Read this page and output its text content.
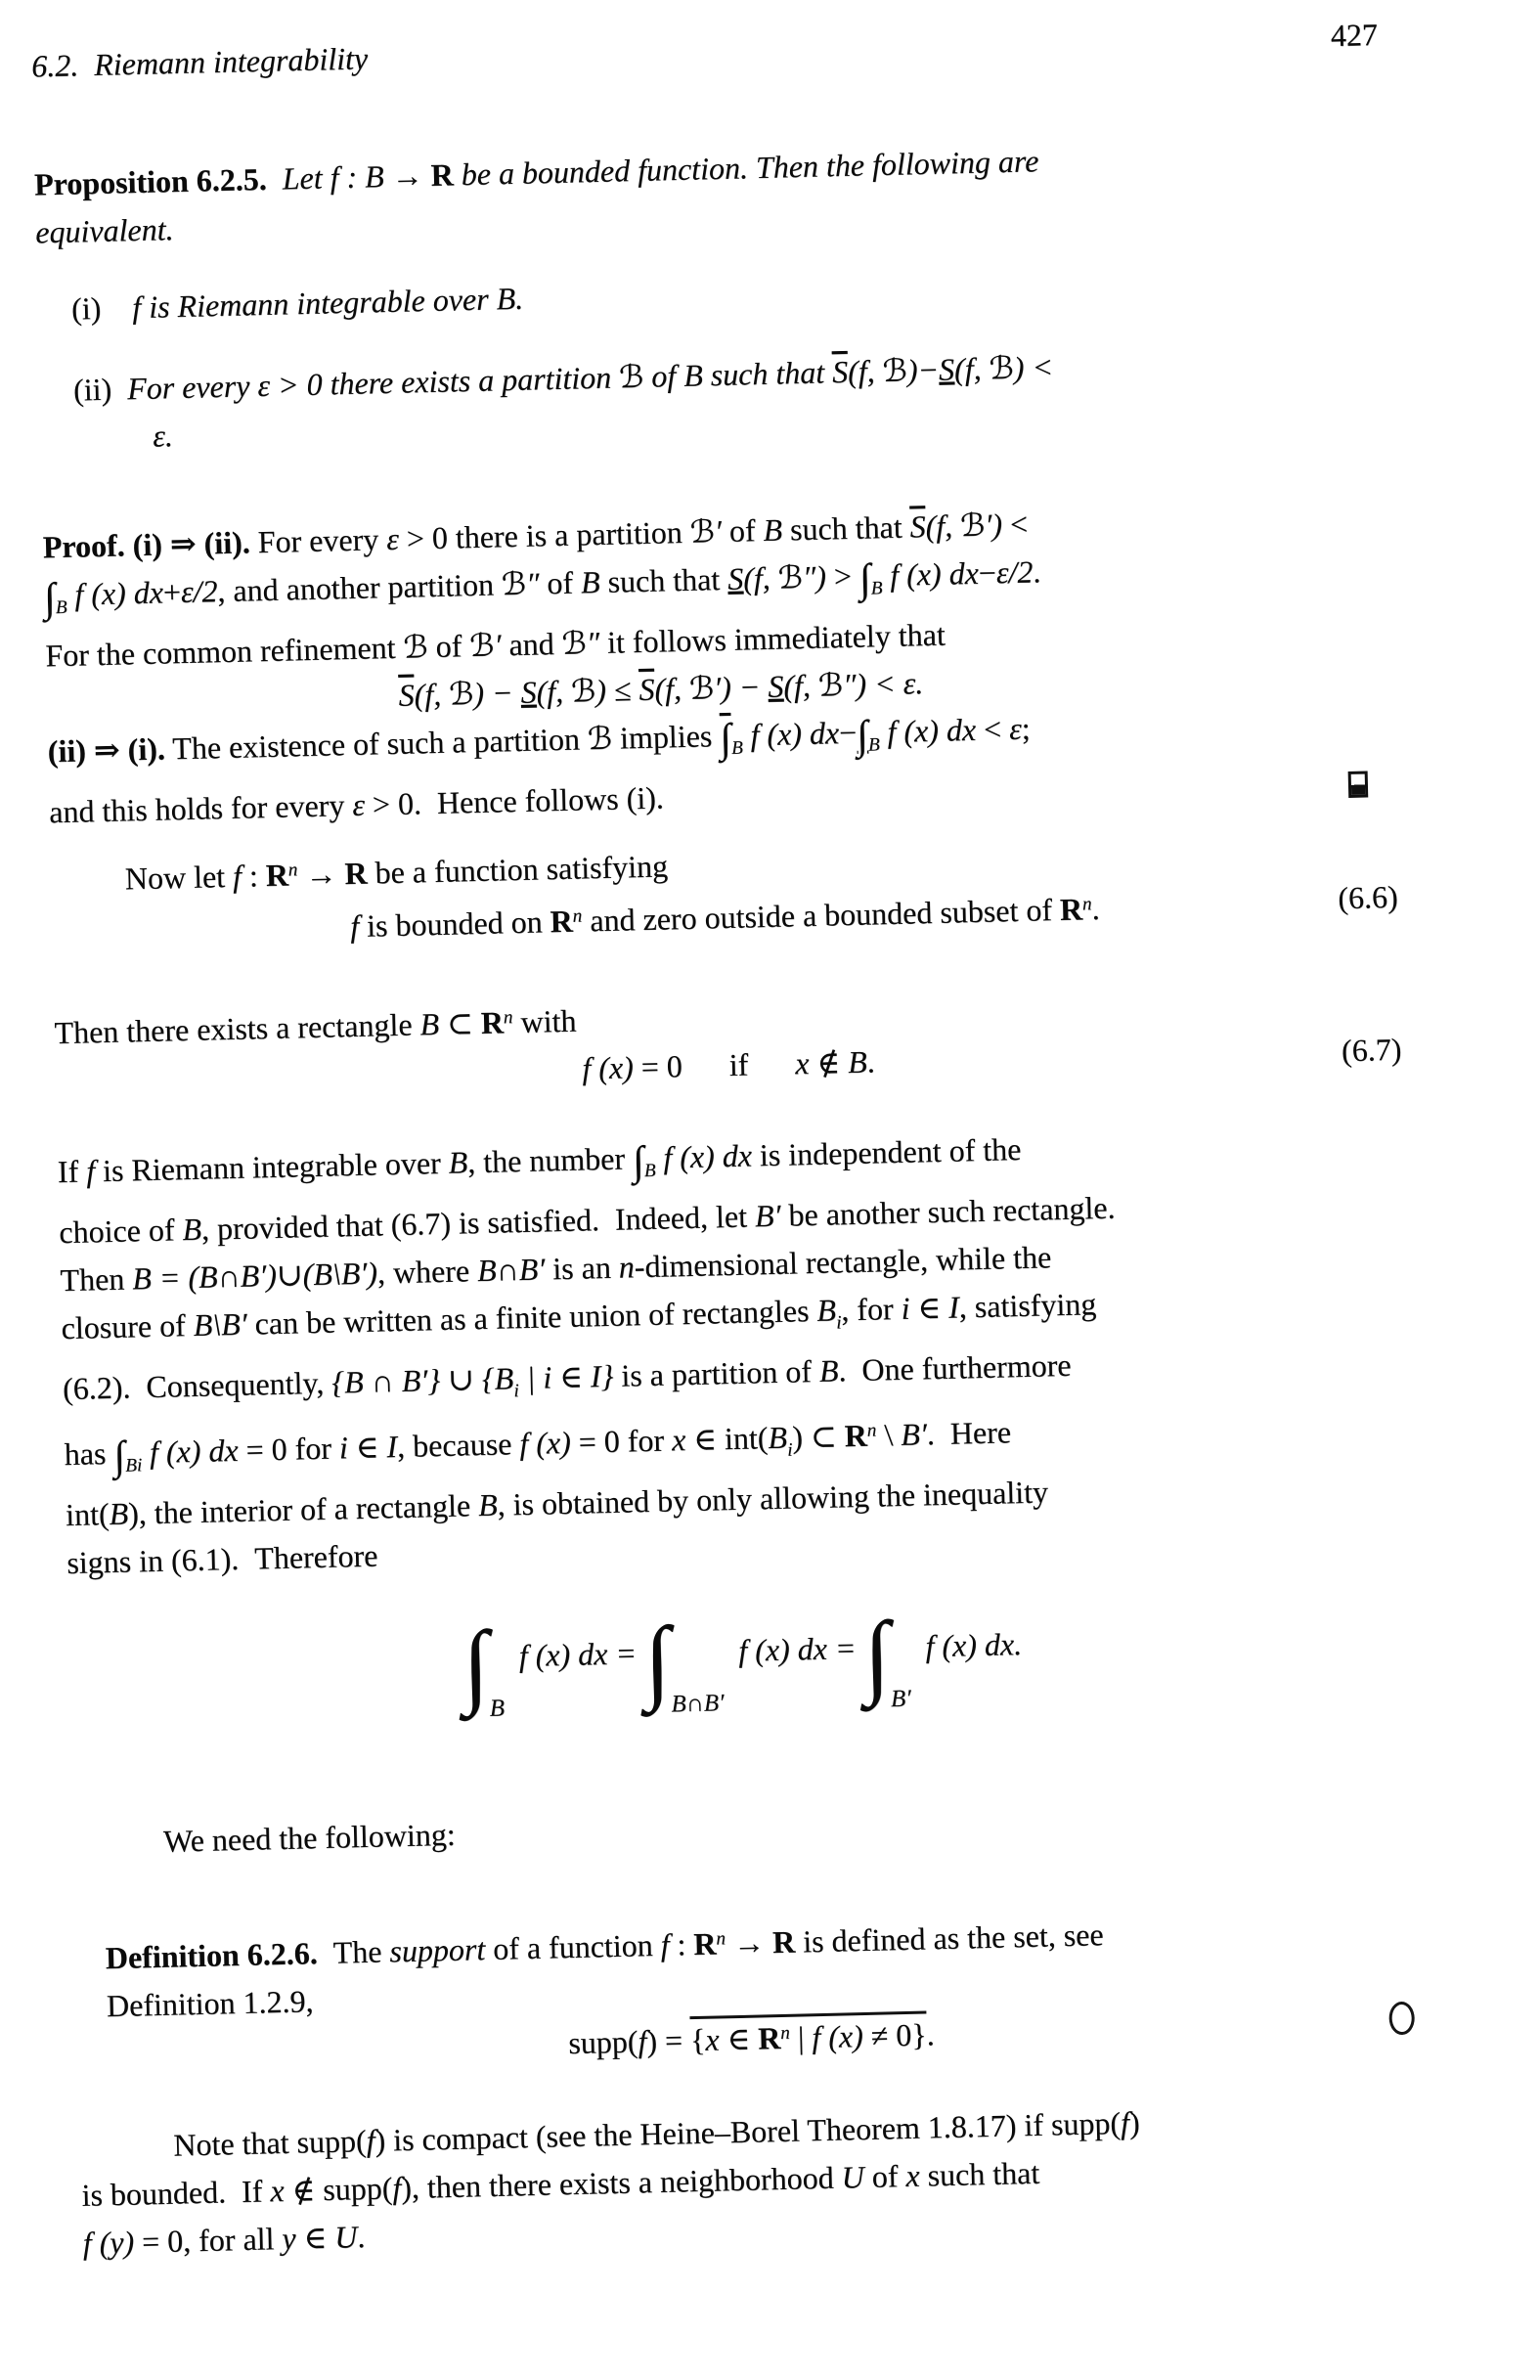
6.2. Riemann integrability
427

Proposition 6.2.5. Let f : B → R be a bounded function. Then the following are
equivalent.

(i)   f is Riemann integrable over B.

(ii)  For every ε > 0 there exists a partition ℬ of B such that $\overline{S}(f$, ℬ)−S(f, ℬ) <
ε.

Proof. (i) ⇒ (ii). For every ε > 0 there is a partition ℬ′ of B such that $\overline{S}(f$, ℬ′) <
$\int_B$ f (x) dx+ε/2, and another partition ℬ″ of B such that S(f, ℬ″) > $\int_B$ f (x) dx−ε/2.
For the common refinement ℬ of ℬ′ and ℬ″ it follows immediately that

$\overline{S}(f$, ℬ) − S(f, ℬ) ≤ $\overline{S}(f$, ℬ′) − S(f, ℬ″) < ε.
(ii) ⇒ (i). The existence of such a partition ℬ implies $\int_B$ f (x) $dx-\int_B$ f (x) dx < ε;
and this holds for every ε > 0. Hence follows (i).

Now let f : $R^n \to R$ be a function satisfying

f is bounded on $R^n$ and zero outside a bounded subset of $R^n$.	(6.6)

Then there exists a rectangle B ⊂ $R^n$ with

f (x) = 0  if  x ∉ B.	(6.7)

If f is Riemann integrable over B, the number $\int_B$ f (x) dx is independent of the
choice of B, provided that (6.7) is satisfied. Indeed, let B′ be another such rectangle.
Then B = (B∩B′)∪(B\B′), where B∩B′ is an n-dimensional rectangle, while the
closure of B\B′ can be written as a finite union of rectangles $B_i$, for i ∈ I, satisfying
(6.2). Consequently, {B ∩ B′} ∪ {$B_i$ | i ∈ I} is a partition of B. One furthermore
has $\int_{Bi}$ f (x) dx = 0 for i ∈ I, because f (x) = 0 for x ∈ $int(B_i)$ ⊂ $R^n$ \ B′. Here
int(B), the interior of a rectangle B, is obtained by only allowing the inequality
signs in (6.1). Therefore

$\int_B$ f (x) dx = $\int_{B\cap B'}$ f (x) dx = $\int_{B'}$ f (x) dx.

We need the following:

Definition 6.2.6. The support of a function f : $R^n \to R$ is defined as the set, see
Definition 1.2.9,

supp(f) = {x ∈ $R^n$ | f (x) ≠ 0}.

Note that supp(f) is compact (see the Heine–Borel Theorem 1.8.17) if supp(f)
is bounded. If x ∉ supp(f), then there exists a neighborhood U of x such that
f (y) = 0, for all y ∈ U.
